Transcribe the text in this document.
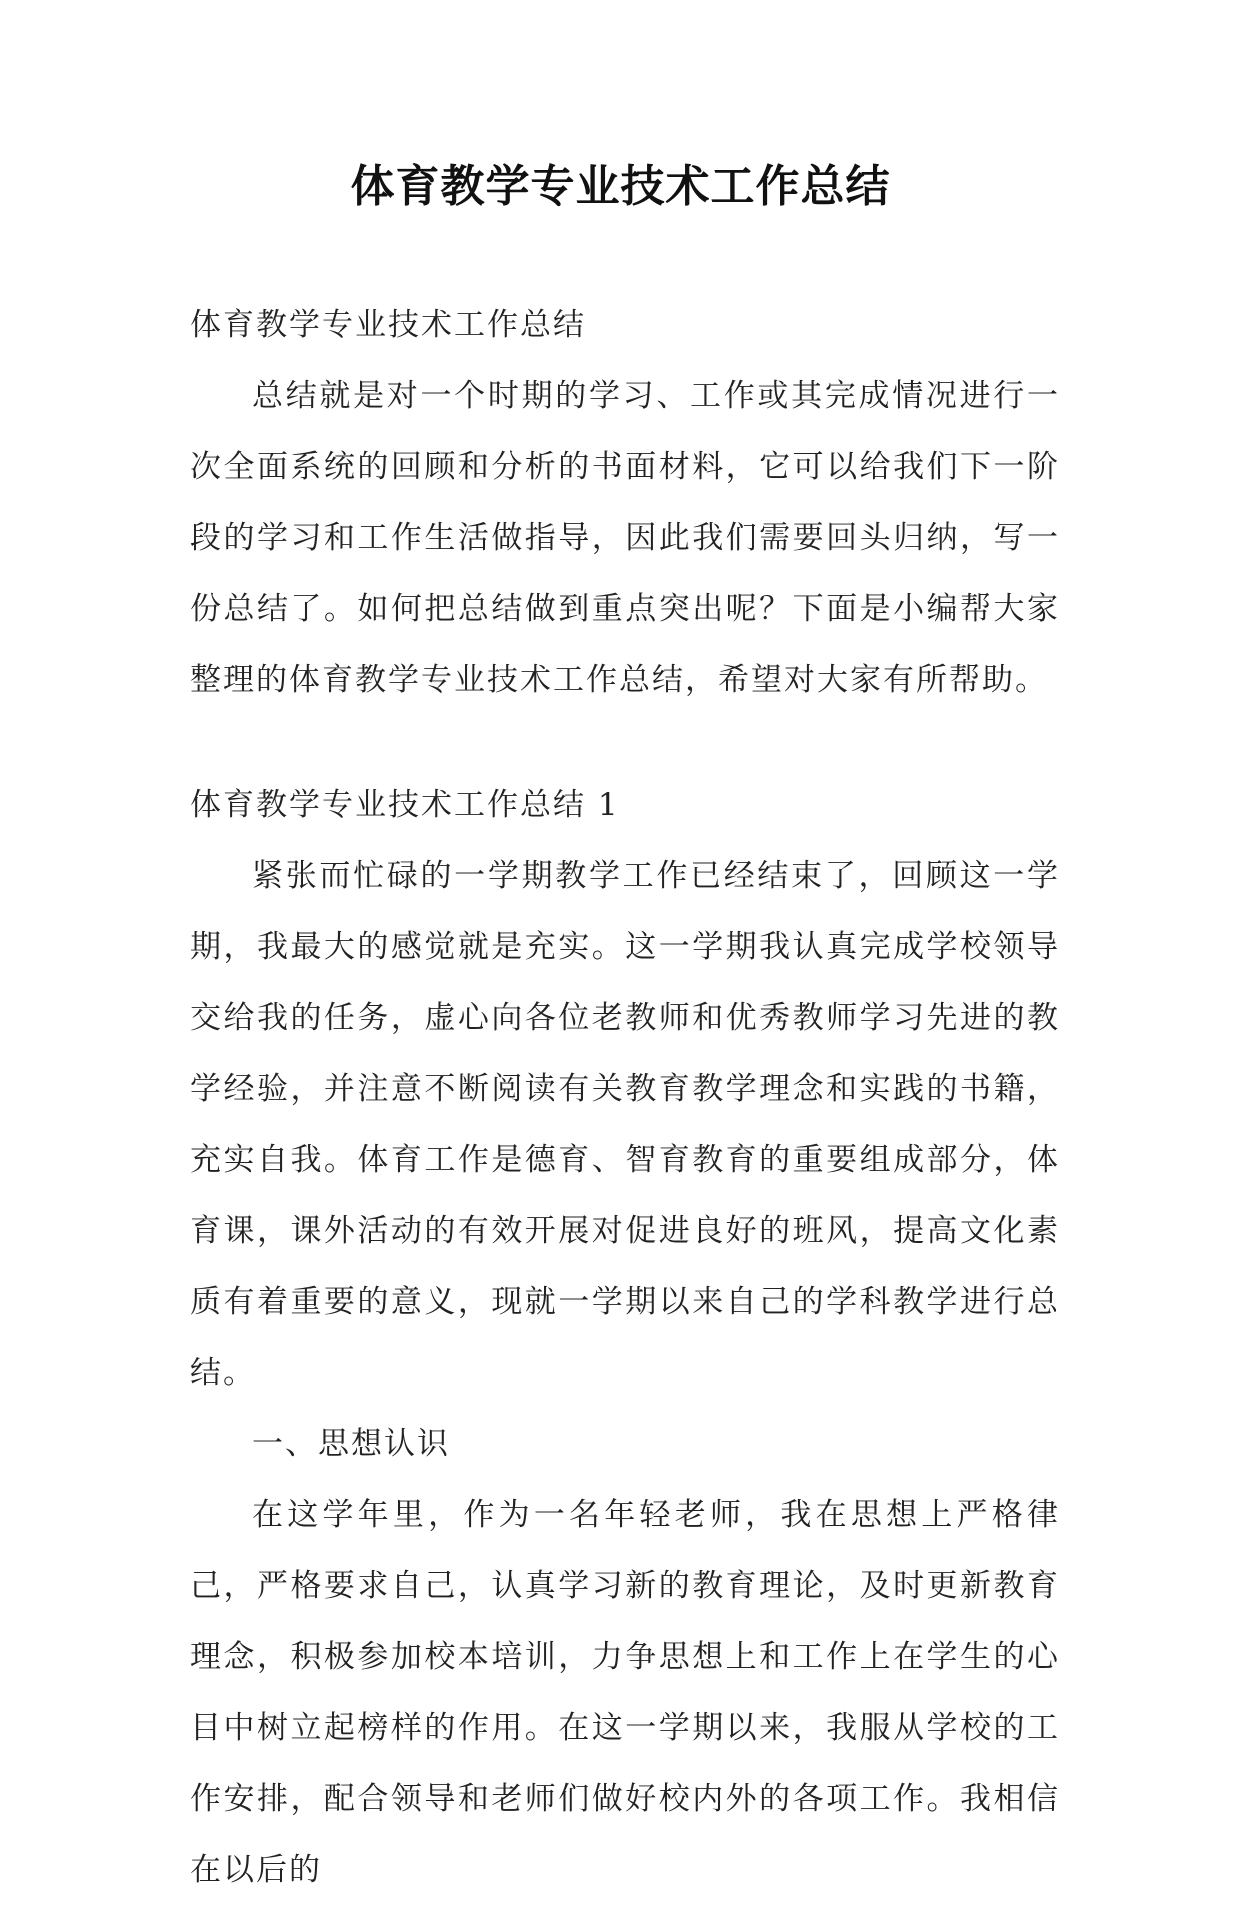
体育教学专业技术工作总结

体育教学专业技术工作总结

总结就是对一个时期的学习、工作或其完成情况进行一次全面系统的回顾和分析的书面材料，它可以给我们下一阶段的学习和工作生活做指导，因此我们需要回头归纳，写一份总结了。如何把总结做到重点突出呢？下面是小编帮大家整理的体育教学专业技术工作总结，希望对大家有所帮助。

体育教学专业技术工作总结 1

紧张而忙碌的一学期教学工作已经结束了，回顾这一学期，我最大的感觉就是充实。这一学期我认真完成学校领导交给我的任务，虚心向各位老教师和优秀教师学习先进的教学经验，并注意不断阅读有关教育教学理念和实践的书籍，充实自我。体育工作是德育、智育教育的重要组成部分，体育课，课外活动的有效开展对促进良好的班风，提高文化素质有着重要的意义，现就一学期以来自己的学科教学进行总结。

一、思想认识

在这学年里，作为一名年轻老师，我在思想上严格律己，严格要求自己，认真学习新的教育理论，及时更新教育理念，积极参加校本培训，力争思想上和工作上在学生的心目中树立起榜样的作用。在这一学期以来，我服从学校的工作安排，配合领导和老师们做好校内外的各项工作。我相信在以后的
